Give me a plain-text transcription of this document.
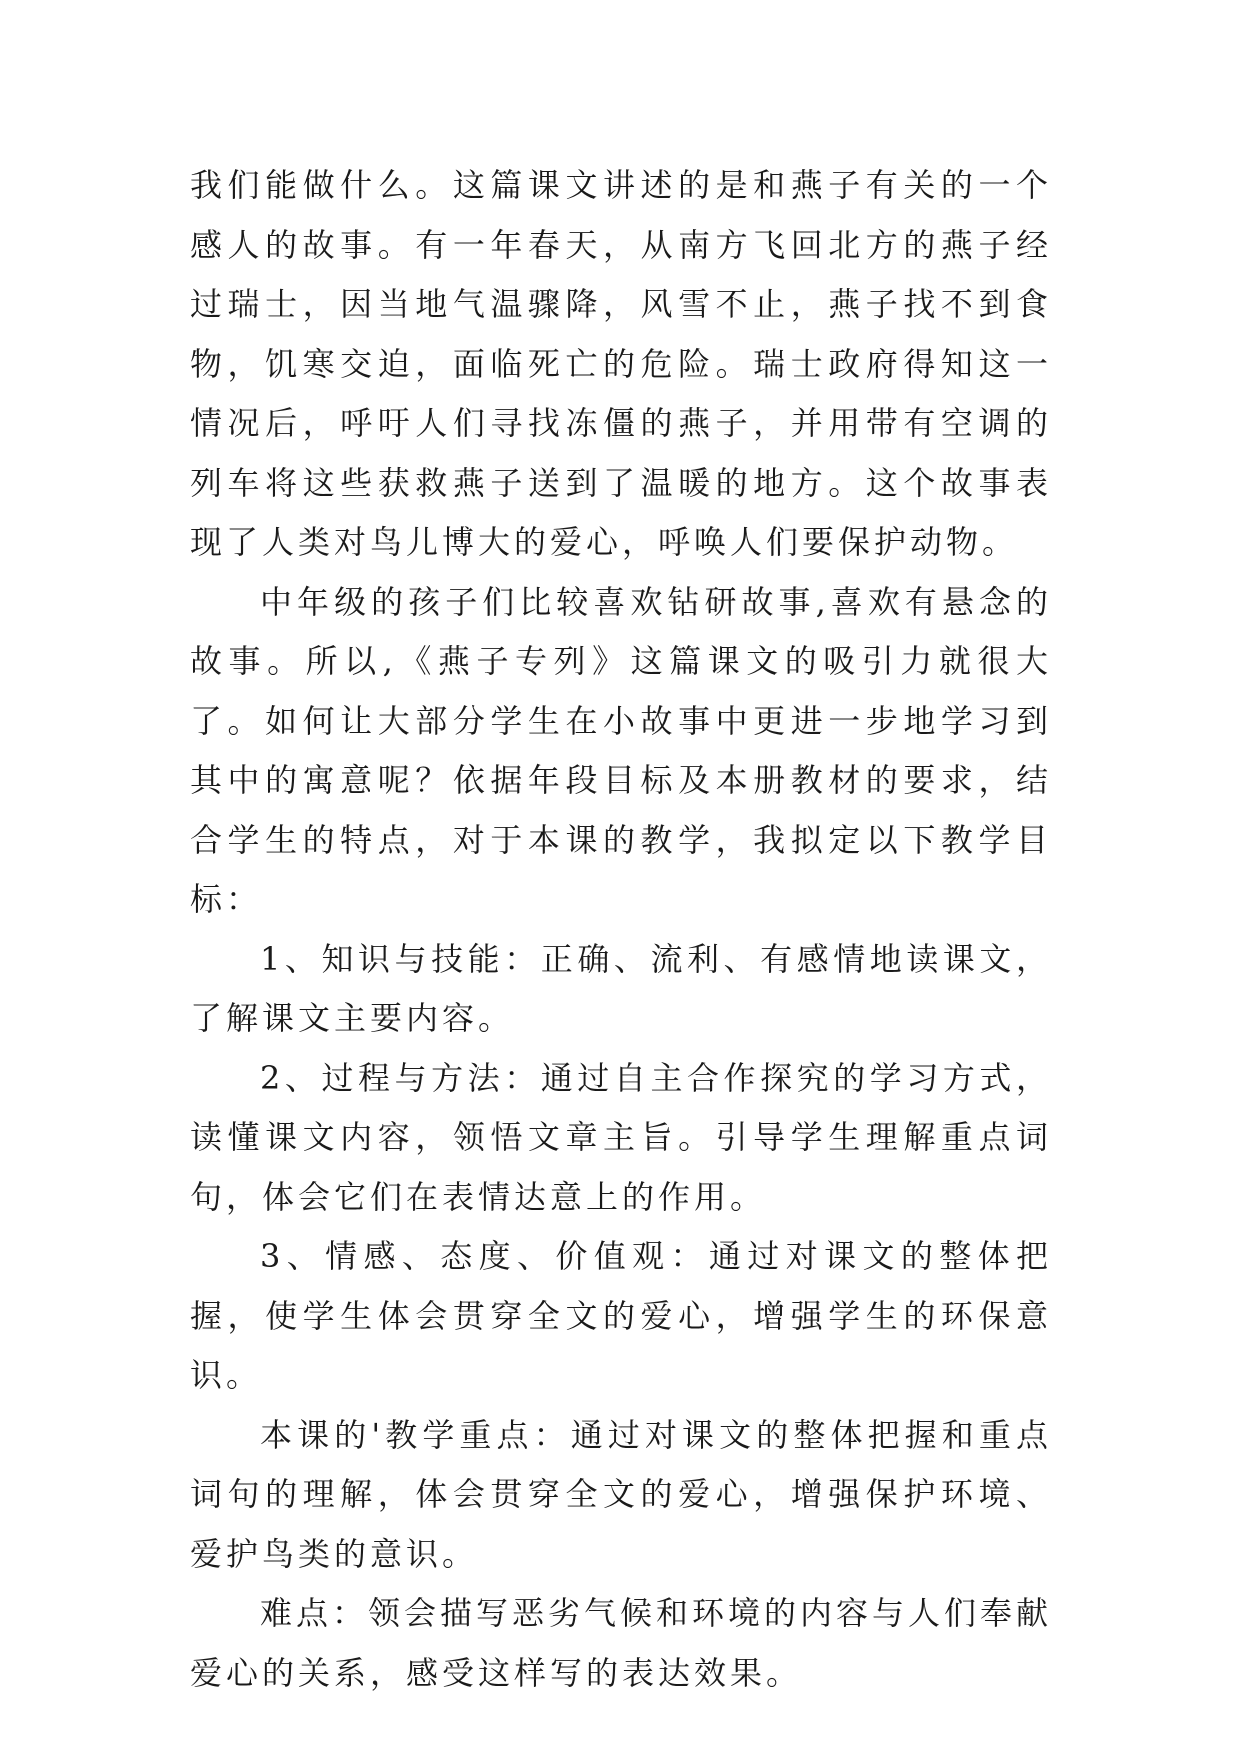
我们能做什么。这篇课文讲述的是和燕子有关的一个感人的故事。有一年春天，从南方飞回北方的燕子经过瑞士，因当地气温骤降，风雪不止，燕子找不到食物，饥寒交迫，面临死亡的危险。瑞士政府得知这一情况后，呼吁人们寻找冻僵的燕子，并用带有空调的列车将这些获救燕子送到了温暖的地方。这个故事表现了人类对鸟儿博大的爱心，呼唤人们要保护动物。

中年级的孩子们比较喜欢钻研故事,喜欢有悬念的故事。所以,《燕子专列》这篇课文的吸引力就很大了。如何让大部分学生在小故事中更进一步地学习到其中的寓意呢？依据年段目标及本册教材的要求，结合学生的特点，对于本课的教学，我拟定以下教学目标：

1、知识与技能：正确、流利、有感情地读课文，了解课文主要内容。

2、过程与方法：通过自主合作探究的学习方式，读懂课文内容，领悟文章主旨。引导学生理解重点词句，体会它们在表情达意上的作用。

3、情感、态度、价值观：通过对课文的整体把握，使学生体会贯穿全文的爱心，增强学生的环保意识。

本课的'教学重点：通过对课文的整体把握和重点词句的理解，体会贯穿全文的爱心，增强保护环境、爱护鸟类的意识。

难点：领会描写恶劣气候和环境的内容与人们奉献爱心的关系，感受这样写的表达效果。
